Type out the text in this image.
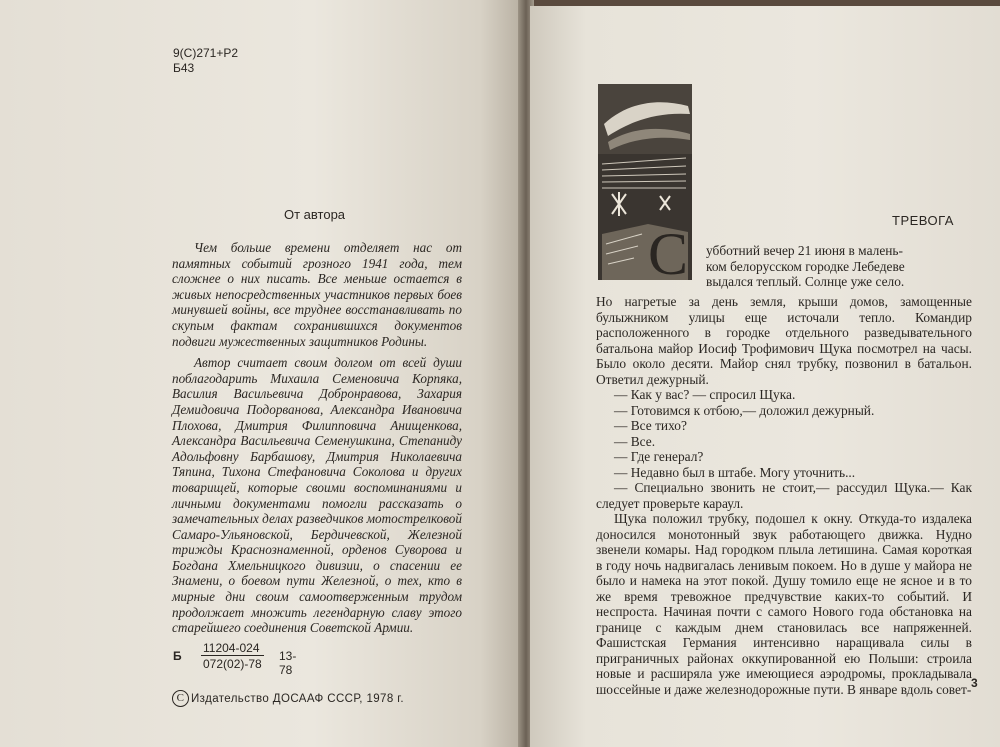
9(С)271+Р2
Б43
От автора

Чем больше времени отделяет нас от памятных событий грозного 1941 года, тем сложнее о них писать. Все меньше остается в живых непосредственных участников первых боев минувшей войны, все труднее восстанавливать по скупым фактам сохранившихся документов подвиги мужественных защитников Родины.

Автор считает своим долгом от всей души поблагодарить Михаила Семеновича Корпяка, Василия Васильевича Добронравова, Захария Демидовича Подорванова, Александра Ивановича Плохова, Дмитрия Филипповича Анищенкова, Александра Васильевича Семенушкина, Степаниду Адольфовну Барбашову, Дмитрия Николаевича Тяпина, Тихона Стефановича Соколова и других товарищей, которые своими воспоминаниями и личными документами помогли рассказать о замечательных делах разведчиков мотострелковой Самаро-Ульяновской, Бердичевской, Железной трижды Краснознаменной, орденов Суворова и Богдана Хмельницкого дивизии, о спасении ее Знамени, о боевом пути Железной, о тех, кто в мирные дни своим самоотверженным трудом продолжает множить легендарную славу этого старейшего соединения Советской Армии.

Б $\frac{11204-024}{072(02)-78} 13-78$
C Издательство ДОСААФ СССР, 1978 г.
С
ТРЕВОГА

убботний вечер 21 июня в малень-

ком белорусском городке Лебедеве

выдался теплый. Солнце уже село.

Но нагретые за день земля, крыши домов, замощенные булыжником улицы еще источали тепло. Командир расположенного в городке отдельного разведывательного батальона майор Иосиф Трофимович Щука посмотрел на часы. Было около десяти. Майор снял трубку, позвонил в батальон. Ответил дежурный.

— Как у вас? — спросил Щука.

— Готовимся к отбою,— доложил дежурный.

— Все тихо?

— Все.

— Где генерал?

— Недавно был в штабе. Могу уточнить...

— Специально звонить не стоит,— рассудил Щука.— Как следует проверьте караул.

Щука положил трубку, подошел к окну. Откуда-то издалека доносился монотонный звук работающего движка. Нудно звенели комары. Над городком плыла летишина. Самая короткая в году ночь надвигалась ленивым покоем. Но в душе у майора не было и намека на этот покой. Душу томило еще не ясное и в то же время тревожное предчувствие каких-то событий. И неспроста. Начиная почти с самого Нового года обстановка на границе с каждым днем становилась все напряженней. Фашистская Германия интенсивно наращивала силы в приграничных районах оккупированной ею Польши: строила новые и расширяла уже имеющиеся аэродромы, прокладывала шоссейные и даже железнодорожные пути. В январе вдоль совет- 3
